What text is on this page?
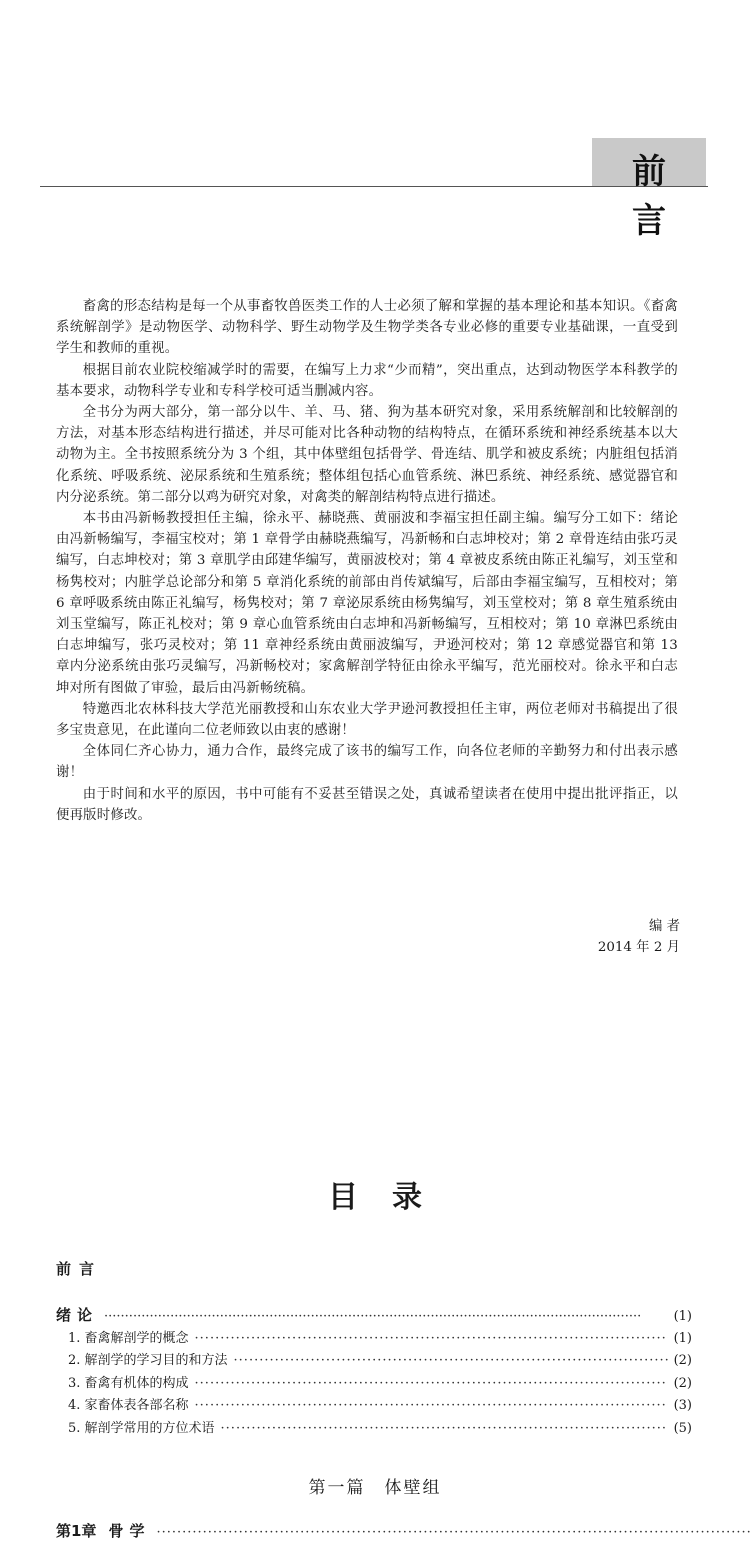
前言

畜禽的形态结构是每一个从事畜牧兽医类工作的人士必须了解和掌握的基本理论和基本知识。《畜禽系统解剖学》是动物医学、动物科学、野生动物学及生物学类各专业必修的重要专业基础课，一直受到学生和教师的重视。

根据目前农业院校缩减学时的需要，在编写上力求“少而精”，突出重点，达到动物医学本科教学的基本要求，动物科学专业和专科学校可适当删减内容。

全书分为两大部分，第一部分以牛、羊、马、猪、狗为基本研究对象，采用系统解剖和比较解剖的方法，对基本形态结构进行描述，并尽可能对比各种动物的结构特点，在循环系统和神经系统基本以大动物为主。全书按照系统分为 3 个组，其中体壁组包括骨学、骨连结、肌学和被皮系统；内脏组包括消化系统、呼吸系统、泌尿系统和生殖系统；整体组包括心血管系统、淋巴系统、神经系统、感觉器官和内分泌系统。第二部分以鸡为研究对象，对禽类的解剖结构特点进行描述。

本书由冯新畅教授担任主编，徐永平、赫晓燕、黄丽波和李福宝担任副主编。编写分工如下：绪论由冯新畅编写，李福宝校对；第 1 章骨学由赫晓燕编写，冯新畅和白志坤校对；第 2 章骨连结由张巧灵编写，白志坤校对；第 3 章肌学由邱建华编写，黄丽波校对；第 4 章被皮系统由陈正礼编写，刘玉堂和杨隽校对；内脏学总论部分和第 5 章消化系统的前部由肖传斌编写，后部由李福宝编写，互相校对；第 6 章呼吸系统由陈正礼编写，杨隽校对；第 7 章泌尿系统由杨隽编写，刘玉堂校对；第 8 章生殖系统由刘玉堂编写，陈正礼校对；第 9 章心血管系统由白志坤和冯新畅编写，互相校对；第 10 章淋巴系统由白志坤编写，张巧灵校对；第 11 章神经系统由黄丽波编写，尹逊河校对；第 12 章感觉器官和第 13 章内分泌系统由张巧灵编写，冯新畅校对；家禽解剖学特征由徐永平编写，范光丽校对。徐永平和白志坤对所有图做了审验，最后由冯新畅统稿。

特邀西北农林科技大学范光丽教授和山东农业大学尹逊河教授担任主审，两位老师对书稿提出了很多宝贵意见，在此谨向二位老师致以由衷的感谢！

全体同仁齐心协力，通力合作，最终完成了该书的编写工作，向各位老师的辛勤努力和付出表示感谢！

由于时间和水平的原因，书中可能有不妥甚至错误之处，真诚希望读者在使用中提出批评指正，以便再版时修改。

编 者
2014 年 2 月
目录
前言
绪论 ·····	(1)
1. 畜禽解剖学的概念 ·····	(1)
2. 解剖学的学习目的和方法 ·····	(2)
3. 畜禽有机体的构成 ·····	(2)
4. 家畜体表各部名称 ·····	(3)
5. 解剖学常用的方位术语 ·····	(5)
第一篇　体壁组
第1章 骨学
·····
